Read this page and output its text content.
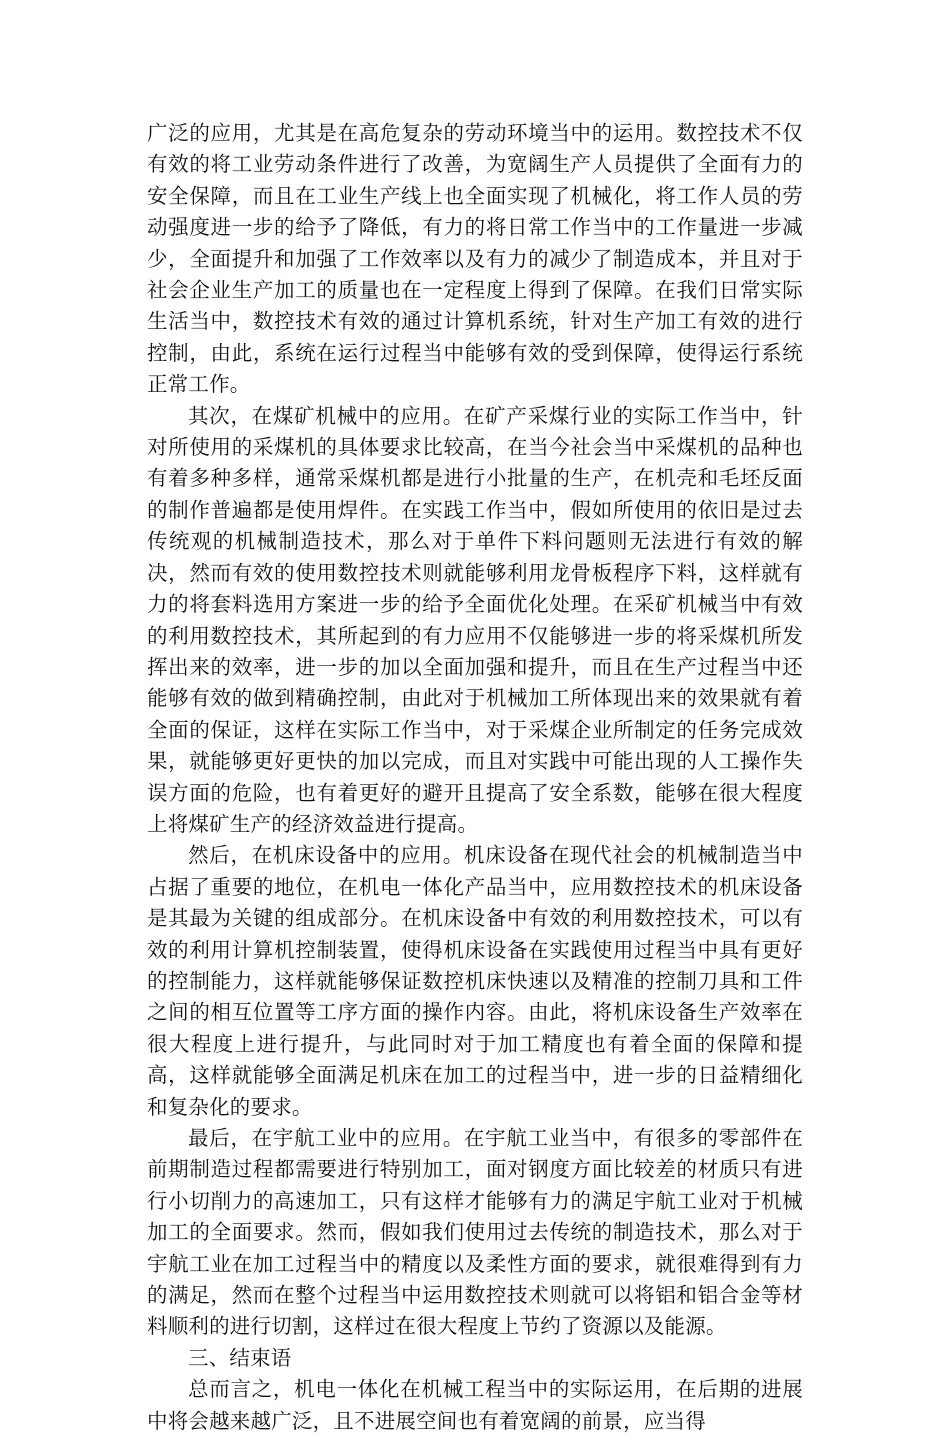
广泛的应用，尤其是在高危复杂的劳动环境当中的运用。数控技术不仅有效的将工业劳动条件进行了改善，为宽阔生产人员提供了全面有力的安全保障，而且在工业生产线上也全面实现了机械化，将工作人员的劳动强度进一步的给予了降低，有力的将日常工作当中的工作量进一步减少，全面提升和加强了工作效率以及有力的减少了制造成本，并且对于社会企业生产加工的质量也在一定程度上得到了保障。在我们日常实际生活当中，数控技术有效的通过计算机系统，针对生产加工有效的进行控制，由此，系统在运行过程当中能够有效的受到保障，使得运行系统正常工作。

其次，在煤矿机械中的应用。在矿产采煤行业的实际工作当中，针对所使用的采煤机的具体要求比较高，在当今社会当中采煤机的品种也有着多种多样，通常采煤机都是进行小批量的生产，在机壳和毛坯反面的制作普遍都是使用焊件。在实践工作当中，假如所使用的依旧是过去传统观的机械制造技术，那么对于单件下料问题则无法进行有效的解决，然而有效的使用数控技术则就能够利用龙骨板程序下料，这样就有力的将套料选用方案进一步的给予全面优化处理。在采矿机械当中有效的利用数控技术，其所起到的有力应用不仅能够进一步的将采煤机所发挥出来的效率，进一步的加以全面加强和提升，而且在生产过程当中还能够有效的做到精确控制，由此对于机械加工所体现出来的效果就有着全面的保证，这样在实际工作当中，对于采煤企业所制定的任务完成效果，就能够更好更快的加以完成，而且对实践中可能出现的人工操作失误方面的危险，也有着更好的避开且提高了安全系数，能够在很大程度上将煤矿生产的经济效益进行提高。

然后，在机床设备中的应用。机床设备在现代社会的机械制造当中占据了重要的地位，在机电一体化产品当中，应用数控技术的机床设备是其最为关键的组成部分。在机床设备中有效的利用数控技术，可以有效的利用计算机控制装置，使得机床设备在实践使用过程当中具有更好的控制能力，这样就能够保证数控机床快速以及精准的控制刀具和工件之间的相互位置等工序方面的操作内容。由此，将机床设备生产效率在很大程度上进行提升，与此同时对于加工精度也有着全面的保障和提高，这样就能够全面满足机床在加工的过程当中，进一步的日益精细化和复杂化的要求。

最后，在宇航工业中的应用。在宇航工业当中，有很多的零部件在前期制造过程都需要进行特别加工，面对钢度方面比较差的材质只有进行小切削力的高速加工，只有这样才能够有力的满足宇航工业对于机械加工的全面要求。然而，假如我们使用过去传统的制造技术，那么对于宇航工业在加工过程当中的精度以及柔性方面的要求，就很难得到有力的满足，然而在整个过程当中运用数控技术则就可以将铝和铝合金等材料顺利的进行切割，这样过在很大程度上节约了资源以及能源。

三、结束语

总而言之，机电一体化在机械工程当中的实际运用，在后期的进展中将会越来越广泛，且不进展空间也有着宽阔的前景，应当得
